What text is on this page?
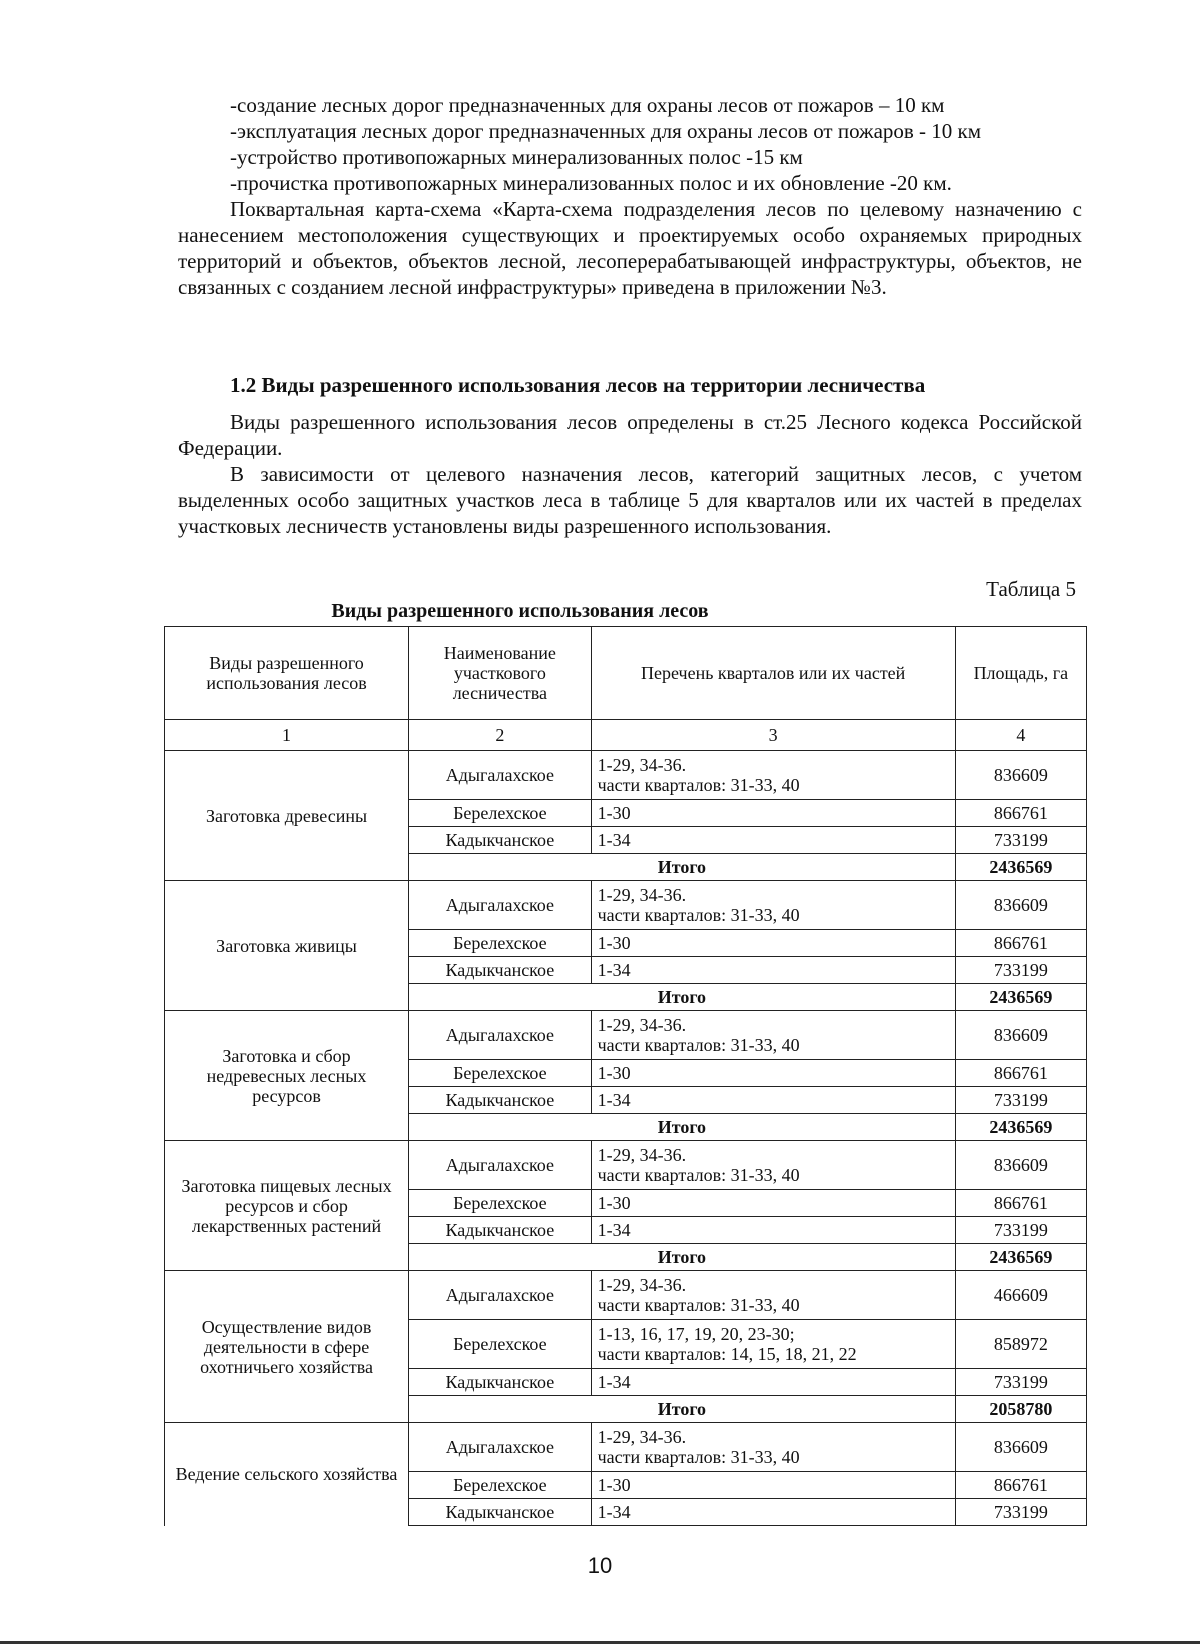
-создание лесных дорог предназначенных для охраны лесов от пожаров – 10 км
-эксплуатация лесных дорог предназначенных для охраны лесов от пожаров - 10 км
-устройство противопожарных минерализованных полос -15 км
-прочистка противопожарных минерализованных полос и их обновление -20 км.
Поквартальная карта-схема «Карта-схема подразделения лесов по целевому назначению с нанесением местоположения существующих и проектируемых особо охраняемых природных территорий и объектов, объектов лесной, лесоперерабатывающей инфраструктуры, объектов, не связанных с созданием лесной инфраструктуры» приведена в приложении №3.
1.2 Виды разрешенного использования лесов на территории лесничества
Виды разрешенного использования лесов определены в ст.25 Лесного кодекса Российской Федерации.
В зависимости от целевого назначения лесов, категорий защитных лесов, с учетом выделенных особо защитных участков леса в таблице 5 для кварталов или их частей в пределах участковых лесничеств установлены виды разрешенного использования.
Таблица 5
Виды разрешенного использования лесов
Виды разрешенного использования лесов	Наименование участкового лесничества	Перечень кварталов или их частей	Площадь, га
1	2	3	4
Заготовка древесины	Адыгалахское	1-29, 34-36.
части кварталов: 31-33, 40	836609
	Берелехское	1-30	866761
	Кадыкчанское	1-34	733199
	Итого		2436569
Заготовка живицы	Адыгалахское	1-29, 34-36.
части кварталов: 31-33, 40	836609
	Берелехское	1-30	866761
	Кадыкчанское	1-34	733199
	Итого		2436569
Заготовка и сбор недревесных лесных ресурсов	Адыгалахское	1-29, 34-36.
части кварталов: 31-33, 40	836609
	Берелехское	1-30	866761
	Кадыкчанское	1-34	733199
	Итого		2436569
Заготовка пищевых лесных ресурсов и сбор лекарственных растений	Адыгалахское	1-29, 34-36.
части кварталов: 31-33, 40	836609
	Берелехское	1-30	866761
	Кадыкчанское	1-34	733199
	Итого		2436569
Осуществление видов деятельности в сфере охотничьего хозяйства	Адыгалахское	1-29, 34-36.
части кварталов: 31-33, 40	466609
	Берелехское	1-13, 16, 17, 19, 20, 23-30;
части кварталов: 14, 15, 18, 21, 22	858972
	Кадыкчанское	1-34	733199
	Итого		2058780
Ведение сельского хозяйства	Адыгалахское	1-29, 34-36.
части кварталов: 31-33, 40	836609
	Берелехское	1-30	866761
	Кадыкчанское	1-34	733199
10
